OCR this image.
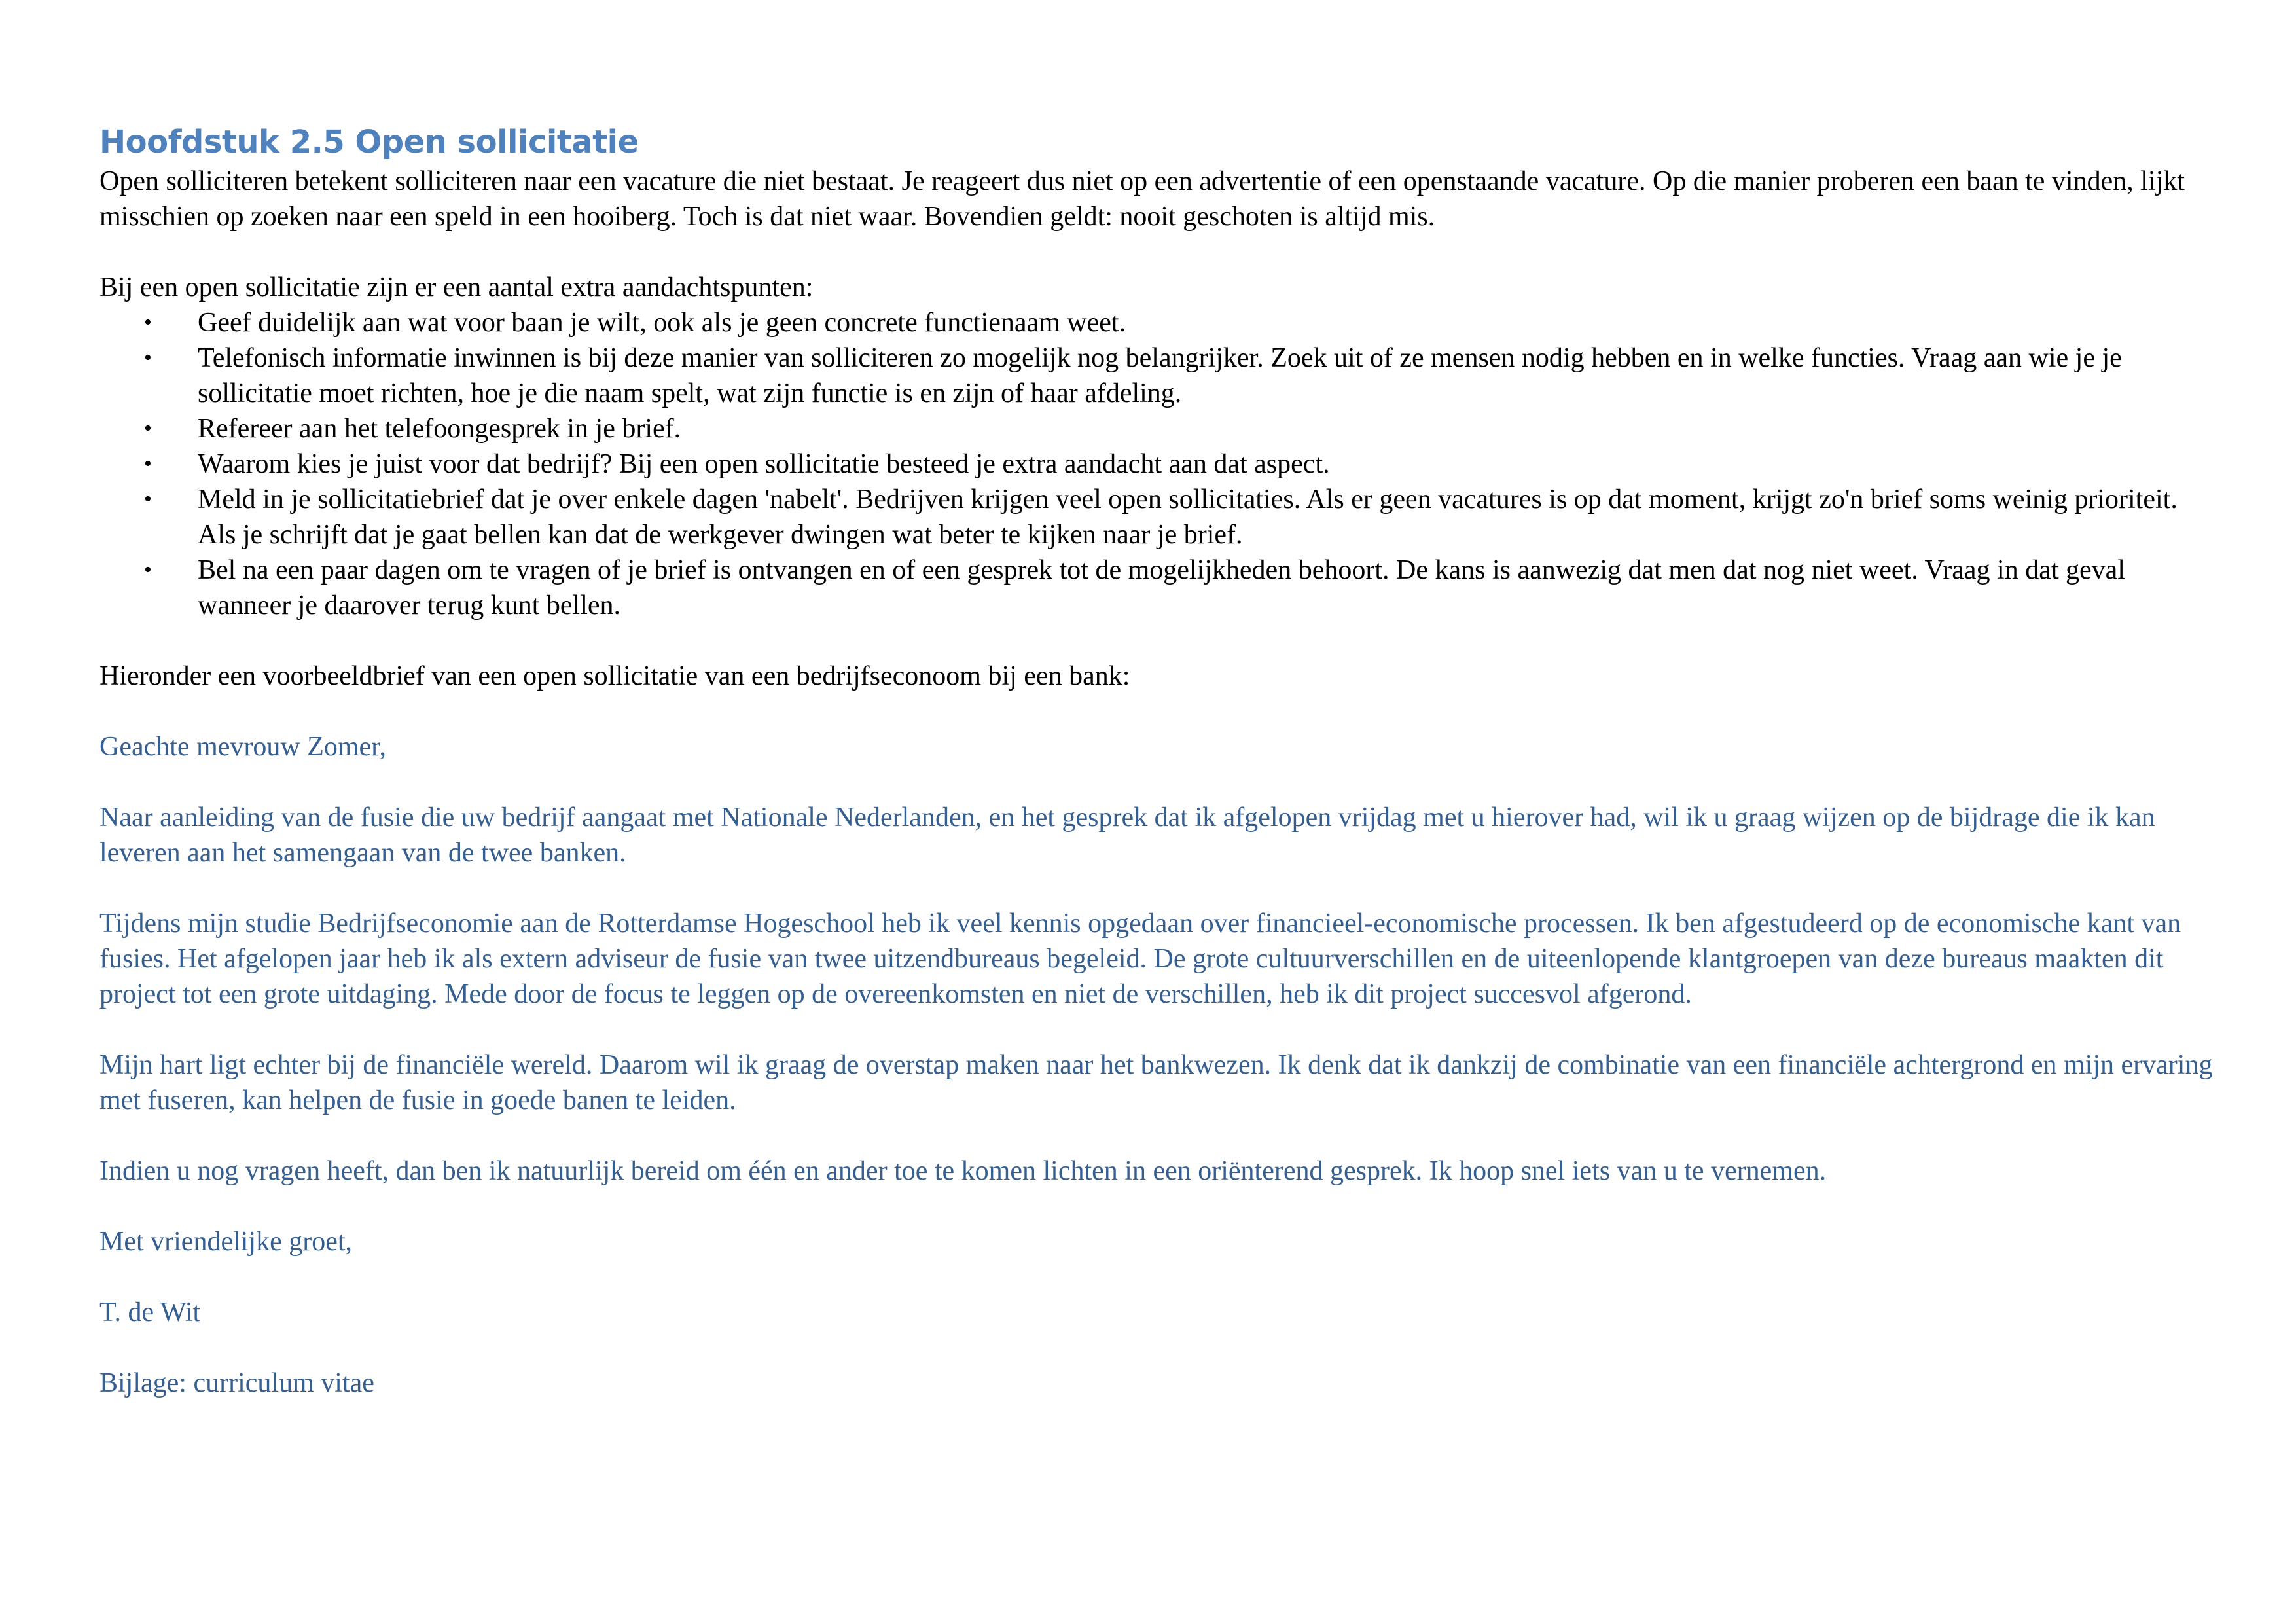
Hoofdstuk 2.5 Open sollicitatie

Open solliciteren betekent solliciteren naar een vacature die niet bestaat. Je reageert dus niet op een advertentie of een openstaande vacature. Op die manier proberen een baan te vinden, lijkt misschien op zoeken naar een speld in een hooiberg. Toch is dat niet waar. Bovendien geldt: nooit geschoten is altijd mis.

Bij een open sollicitatie zijn er een aantal extra aandachtspunten:

• Geef duidelijk aan wat voor baan je wilt, ook als je geen concrete functienaam weet.
• Telefonisch informatie inwinnen is bij deze manier van solliciteren zo mogelijk nog belangrijker. Zoek uit of ze mensen nodig hebben en in welke functies. Vraag aan wie je je sollicitatie moet richten, hoe je die naam spelt, wat zijn functie is en zijn of haar afdeling.
• Refereer aan het telefoongesprek in je brief.
• Waarom kies je juist voor dat bedrijf? Bij een open sollicitatie besteed je extra aandacht aan dat aspect.
• Meld in je sollicitatiebrief dat je over enkele dagen 'nabelt'. Bedrijven krijgen veel open sollicitaties. Als er geen vacatures is op dat moment, krijgt zo'n brief soms weinig prioriteit. Als je schrijft dat je gaat bellen kan dat de werkgever dwingen wat beter te kijken naar je brief.
• Bel na een paar dagen om te vragen of je brief is ontvangen en of een gesprek tot de mogelijkheden behoort. De kans is aanwezig dat men dat nog niet weet. Vraag in dat geval wanneer je daarover terug kunt bellen.

Hieronder een voorbeeldbrief van een open sollicitatie van een bedrijfseconoom bij een bank:

Geachte mevrouw Zomer,

Naar aanleiding van de fusie die uw bedrijf aangaat met Nationale Nederlanden, en het gesprek dat ik afgelopen vrijdag met u hierover had, wil ik u graag wijzen op de bijdrage die ik kan leveren aan het samengaan van de twee banken.

Tijdens mijn studie Bedrijfseconomie aan de Rotterdamse Hogeschool heb ik veel kennis opgedaan over financieel-economische processen. Ik ben afgestudeerd op de economische kant van fusies. Het afgelopen jaar heb ik als extern adviseur de fusie van twee uitzendbureaus begeleid. De grote cultuurverschillen en de uiteenlopende klantgroepen van deze bureaus maakten dit project tot een grote uitdaging. Mede door de focus te leggen op de overeenkomsten en niet de verschillen, heb ik dit project succesvol afgerond.

Mijn hart ligt echter bij de financiële wereld. Daarom wil ik graag de overstap maken naar het bankwezen. Ik denk dat ik dankzij de combinatie van een financiële achtergrond en mijn ervaring met fuseren, kan helpen de fusie in goede banen te leiden.

Indien u nog vragen heeft, dan ben ik natuurlijk bereid om één en ander toe te komen lichten in een oriënterend gesprek. Ik hoop snel iets van u te vernemen.

Met vriendelijke groet,

T. de Wit

Bijlage: curriculum vitae
